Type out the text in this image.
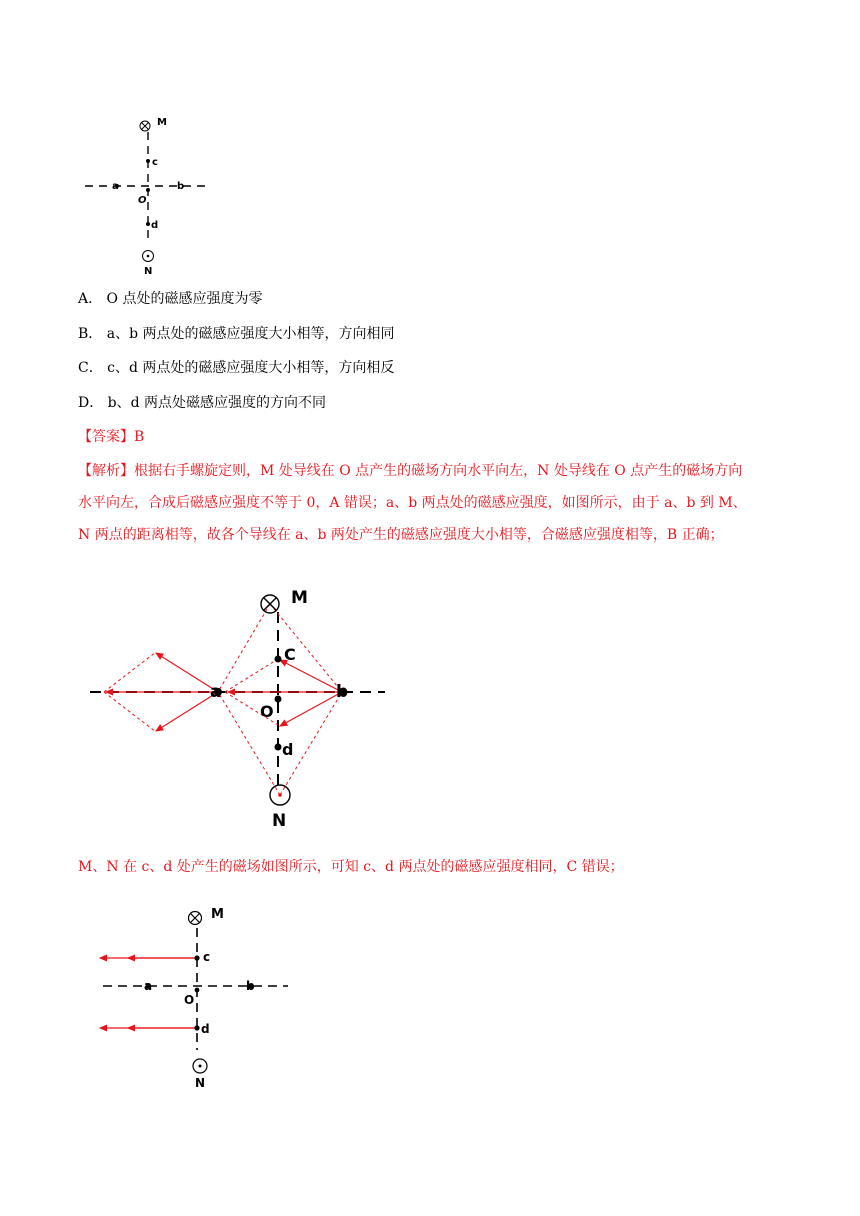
M
c
a	b
O
d
N
A． O 点处的磁感应强度为零
B． a、b 两点处的磁感应强度大小相等，方向相同
C． c、d 两点处的磁感应强度大小相等，方向相反
D． b、d 两点处磁感应强度的方向不同
【答案】B
【解析】根据右手螺旋定则，M 处导线在 O 点产生的磁场方向水平向左，N 处导线在 O 点产生的磁场方向
水平向左，合成后磁感应强度不等于 0，A 错误；a、b 两点处的磁感应强度，如图所示，由于 a、b 到 M、
N 两点的距离相等，故各个导线在 a、b 两处产生的磁感应强度大小相等，合磁感应强度相等，B 正确；
M
C
a	b
O
d
N
M、N 在 c、d 处产生的磁场如图所示，可知 c、d 两点处的磁感应强度相同，C 错误；
M
c
a	b
O
d
N
